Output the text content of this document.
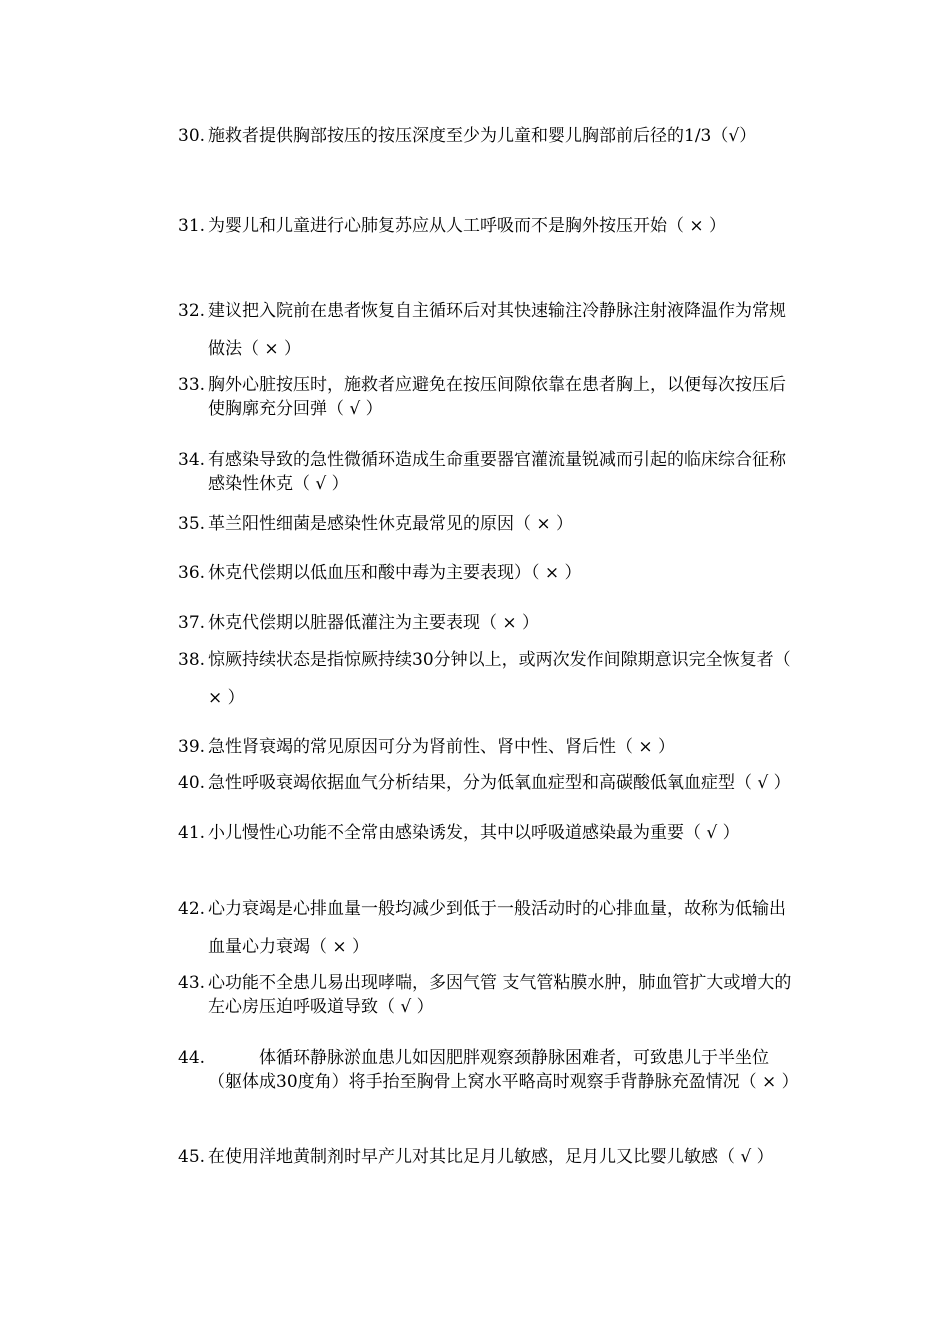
30. 施救者提供胸部按压的按压深度至少为儿童和婴儿胸部前后径的1/3（√）
31. 为婴儿和儿童进行心肺复苏应从人工呼吸而不是胸外按压开始（ × ）
32. 建议把入院前在患者恢复自主循环后对其快速输注冷静脉注射液降温作为常规做法（ × ）
33. 胸外心脏按压时，施救者应避免在按压间隙依靠在患者胸上，以便每次按压后使胸廓充分回弹（ √ ）
34. 有感染导致的急性微循环造成生命重要器官灌流量锐减而引起的临床综合征称感染性休克（ √ ）
35. 革兰阳性细菌是感染性休克最常见的原因（ × ）
36. 休克代偿期以低血压和酸中毒为主要表现）（ × ）
37. 休克代偿期以脏器低灌注为主要表现（ × ）
38. 惊厥持续状态是指惊厥持续30分钟以上，或两次发作间隙期意识完全恢复者（ × ）
39. 急性肾衰竭的常见原因可分为肾前性、肾中性、肾后性（ × ）
40. 急性呼吸衰竭依据血气分析结果，分为低氧血症型和高碳酸低氧血症型（ √ ）
41. 小儿慢性心功能不全常由感染诱发，其中以呼吸道感染最为重要（ √ ）
42. 心力衰竭是心排血量一般均减少到低于一般活动时的心排血量，故称为低输出血量心力衰竭（ × ）
43. 心功能不全患儿易出现哮喘，多因气管 支气管粘膜水肿，肺血管扩大或增大的左心房压迫呼吸道导致（ √ ）
44. 　　　体循环静脉淤血患儿如因肥胖观察颈静脉困难者，可致患儿于半坐位（躯体成30度角）将手抬至胸骨上窝水平略高时观察手背静脉充盈情况（ × ）
45. 在使用洋地黄制剂时早产儿对其比足月儿敏感，足月儿又比婴儿敏感（ √ ）
